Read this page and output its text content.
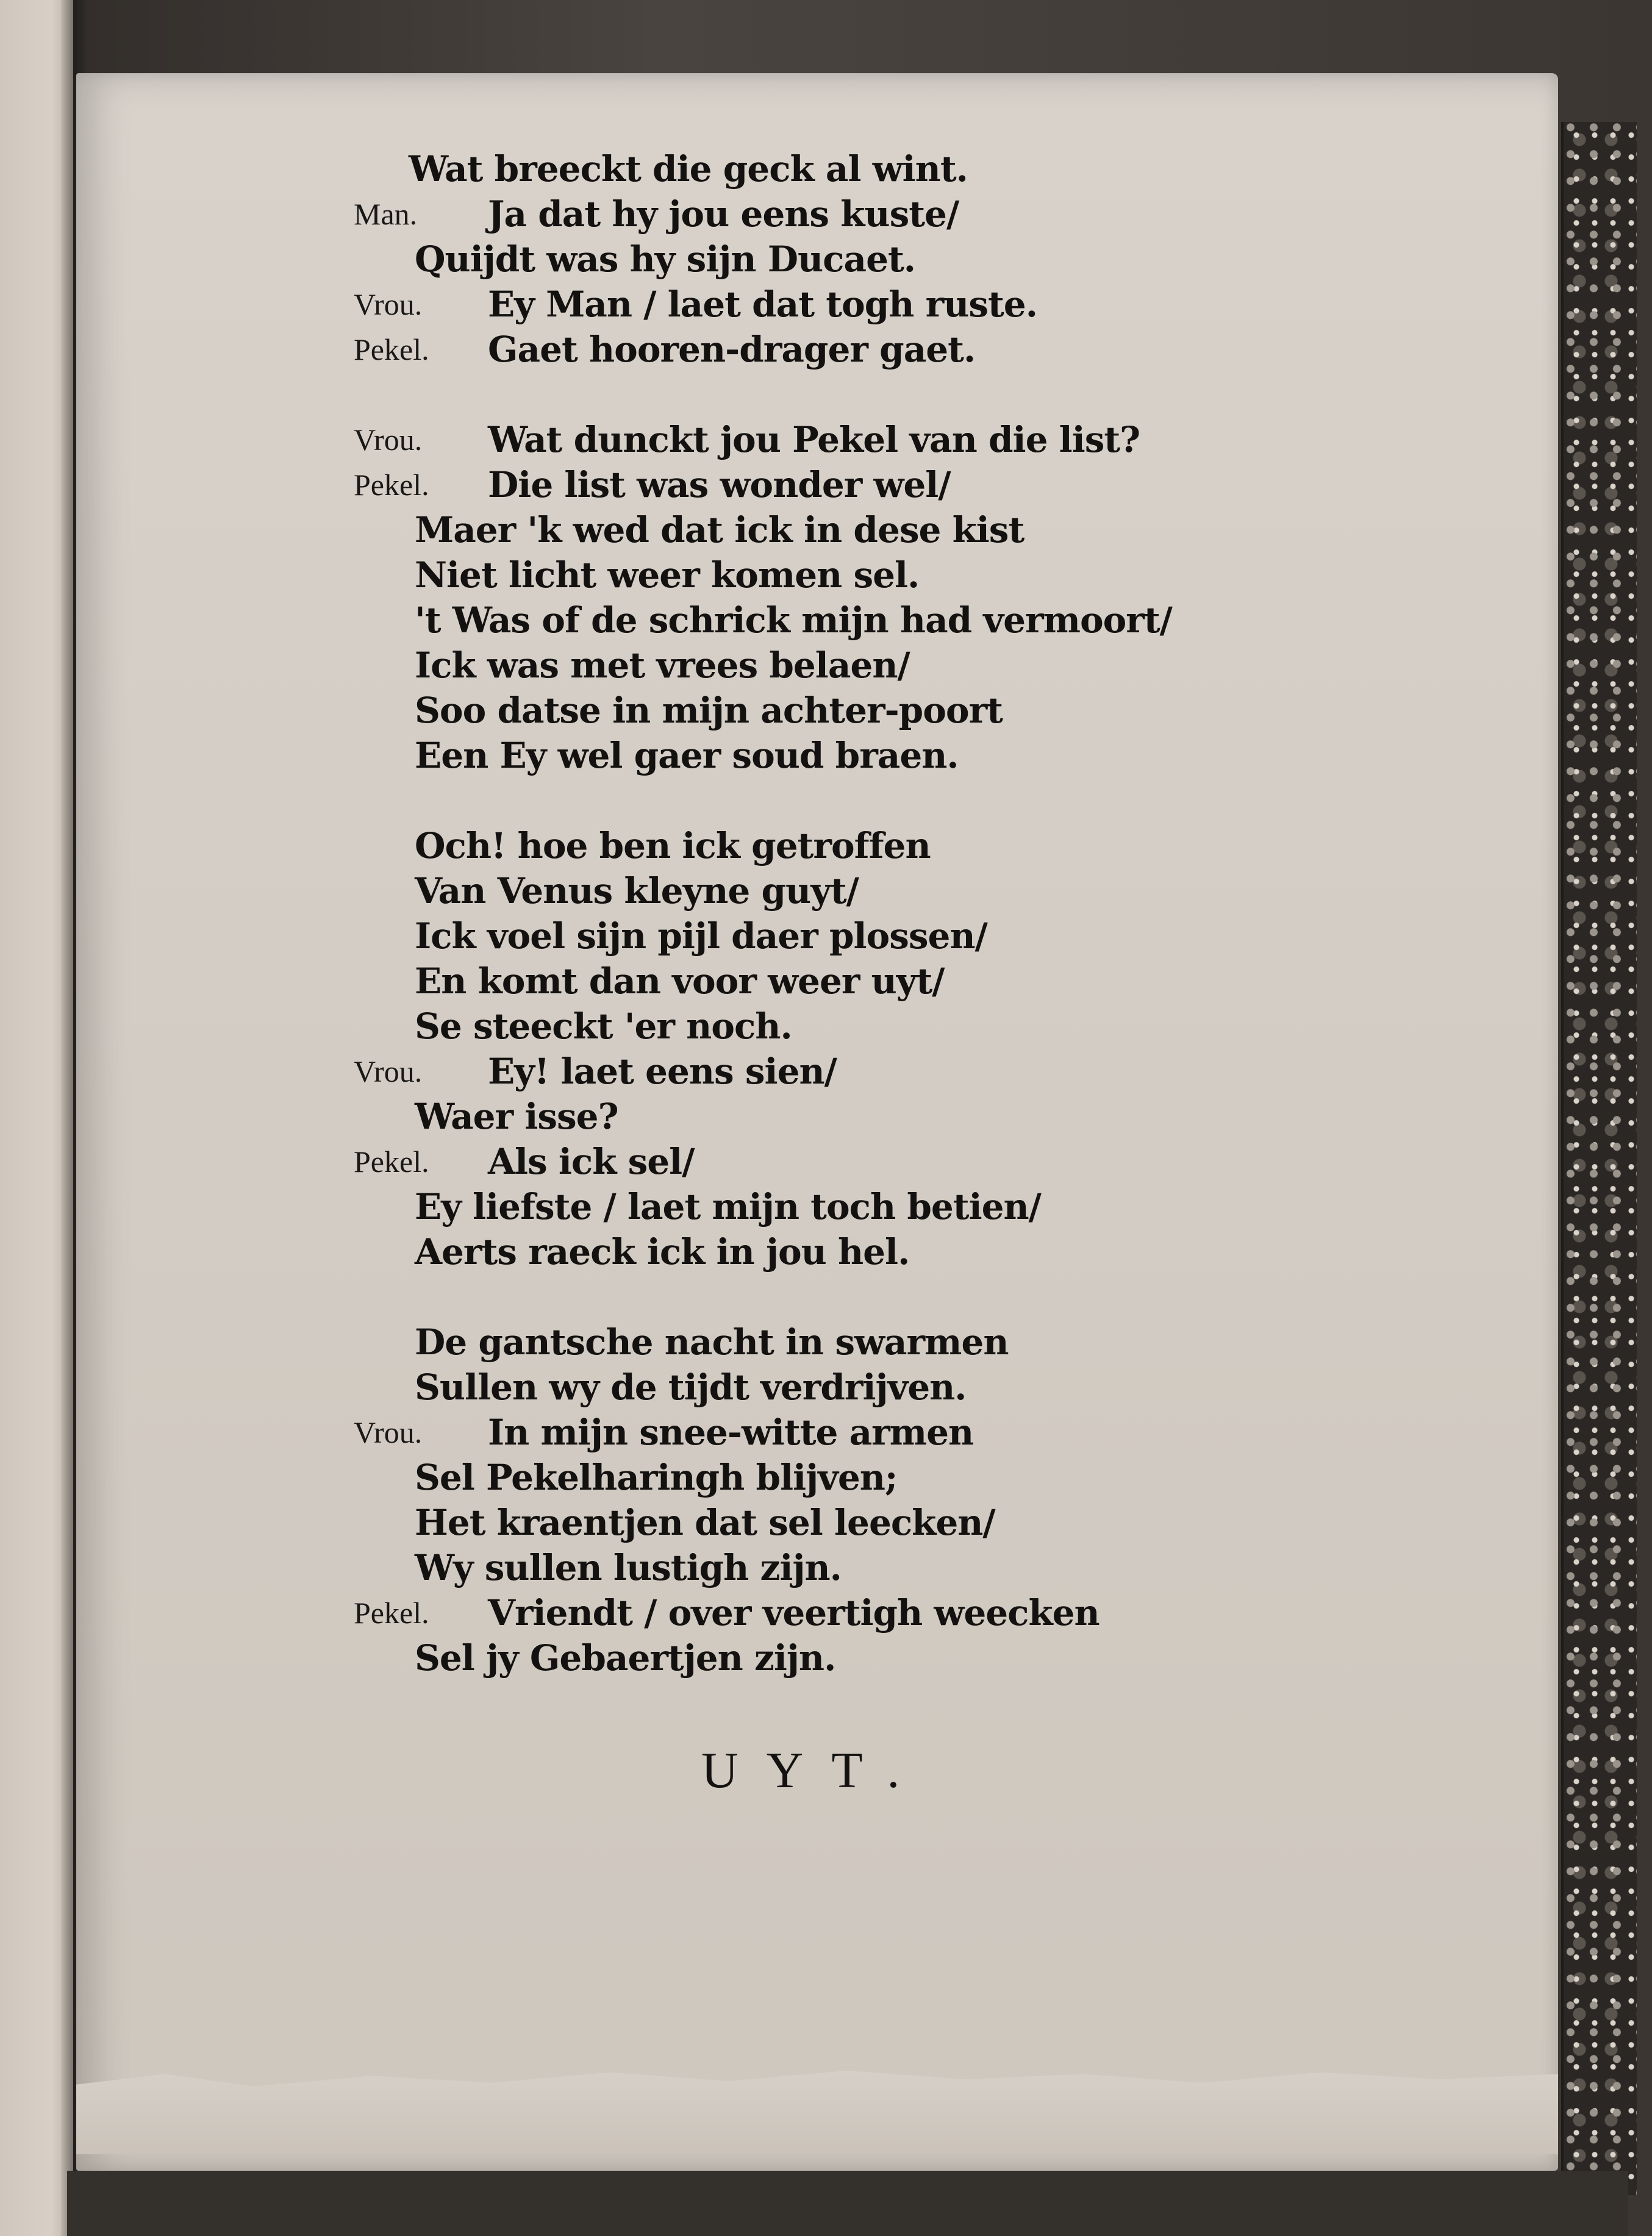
Wat breeckt die geck al wint.
Man. Ja dat hy jou eens kuste/
Quijdt was hy sijn Ducaet.
Vrou. Ey Man / laet dat togh ruste.
Pekel. Gaet hooren-drager gaet.
Vrou. Wat dunckt jou Pekel van die list?
Pekel. Die list was wonder wel/
Maer 'k wed dat ick in dese kist
Niet licht weer komen sel.
't Was of de schrick mijn had vermoort/
Ick was met vrees belaen/
Soo datse in mijn achter-poort
Een Ey wel gaer soud braen.
Och! hoe ben ick getroffen
Van Venus kleyne guyt/
Ick voel sijn pijl daer plossen/
En komt dan voor weer uyt/
Se steeckt 'er noch.
Vrou. Ey! laet eens sien/
Waer isse?
Pekel. Als ick sel/
Ey liefste / laet mijn toch betien/
Aerts raeck ick in jou hel.
De gantsche nacht in swarmen
Sullen wy de tijdt verdrijven.
Vrou. In mijn snee-witte armen
Sel Pekelharingh blijven;
Het kraentjen dat sel leecken/
Wy sullen lustigh zijn.
Pekel. Vriendt / over veertigh weecken
Sel jy Gebaertjen zijn.
UYT.
